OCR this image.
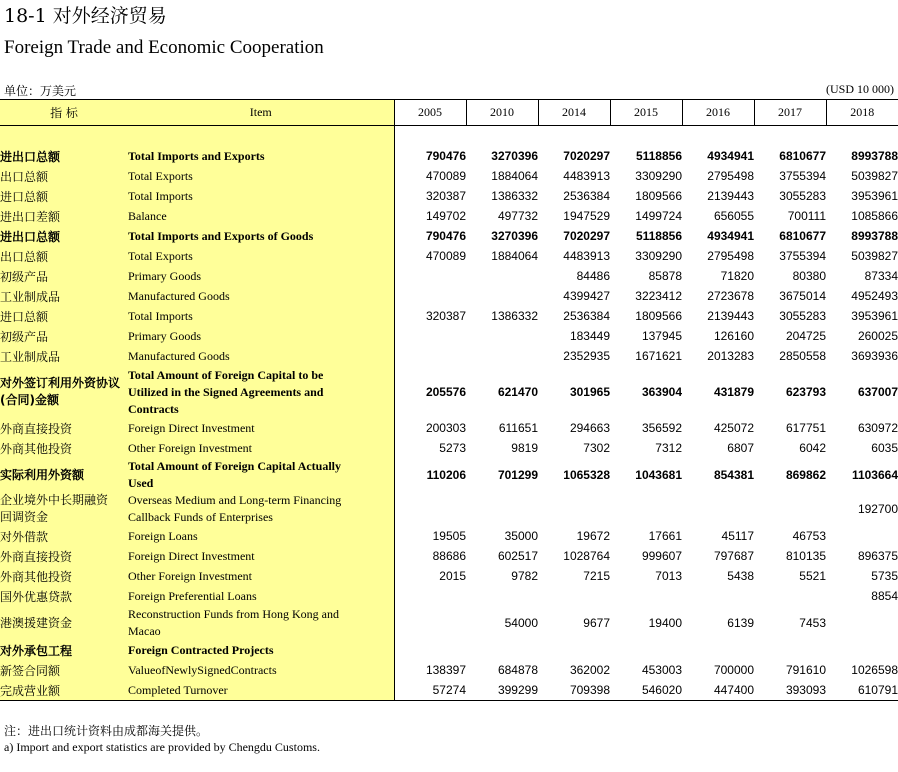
18-1 对外经济贸易
Foreign Trade and Economic Cooperation
单位：万美元	(USD 10 000)
指 标	Item	2005	2010	2014	2015	2016	2017	2018

进出口总额	Total Imports and Exports	790476	3270396	7020297	5118856	4934941	6810677	8993788
出口总额	Total Exports	470089	1884064	4483913	3309290	2795498	3755394	5039827
进口总额	Total Imports	320387	1386332	2536384	1809566	2139443	3055283	3953961
进出口差额	Balance	149702	497732	1947529	1499724	656055	700111	1085866
进出口总额	Total Imports and Exports of Goods	790476	3270396	7020297	5118856	4934941	6810677	8993788
出口总额	Total Exports	470089	1884064	4483913	3309290	2795498	3755394	5039827
初级产品	Primary Goods			84486	85878	71820	80380	87334
工业制成品	Manufactured Goods			4399427	3223412	2723678	3675014	4952493
进口总额	Total Imports	320387	1386332	2536384	1809566	2139443	3055283	3953961
初级产品	Primary Goods			183449	137945	126160	204725	260025
工业制成品	Manufactured Goods			2352935	1671621	2013283	2850558	3693936
对外签订利用外资协议(合同)金额	Total Amount of Foreign Capital to be Utilized in the Signed Agreements and Contracts	205576	621470	301965	363904	431879	623793	637007
外商直接投资	Foreign Direct Investment	200303	611651	294663	356592	425072	617751	630972
外商其他投资	Other Foreign Investment	5273	9819	7302	7312	6807	6042	6035
实际利用外资额	Total Amount of Foreign Capital Actually Used	110206	701299	1065328	1043681	854381	869862	1103664
企业境外中长期融资回调资金	Overseas Medium and Long-term Financing Callback Funds of Enterprises							192700
对外借款	Foreign Loans	19505	35000	19672	17661	45117	46753	
外商直接投资	Foreign Direct Investment	88686	602517	1028764	999607	797687	810135	896375
外商其他投资	Other Foreign Investment	2015	9782	7215	7013	5438	5521	5735
国外优惠贷款	Foreign Preferential Loans							8854
港澳援建资金	Reconstruction Funds from Hong Kong and Macao		54000	9677	19400	6139	7453	
对外承包工程	Foreign Contracted Projects							
新签合同额	ValueofNewlySignedContracts	138397	684878	362002	453003	700000	791610	1026598
完成营业额	Completed Turnover	57274	399299	709398	546020	447400	393093	610791
注：进出口统计资料由成都海关提供。
a) Import and export statistics are provided by Chengdu Customs.
